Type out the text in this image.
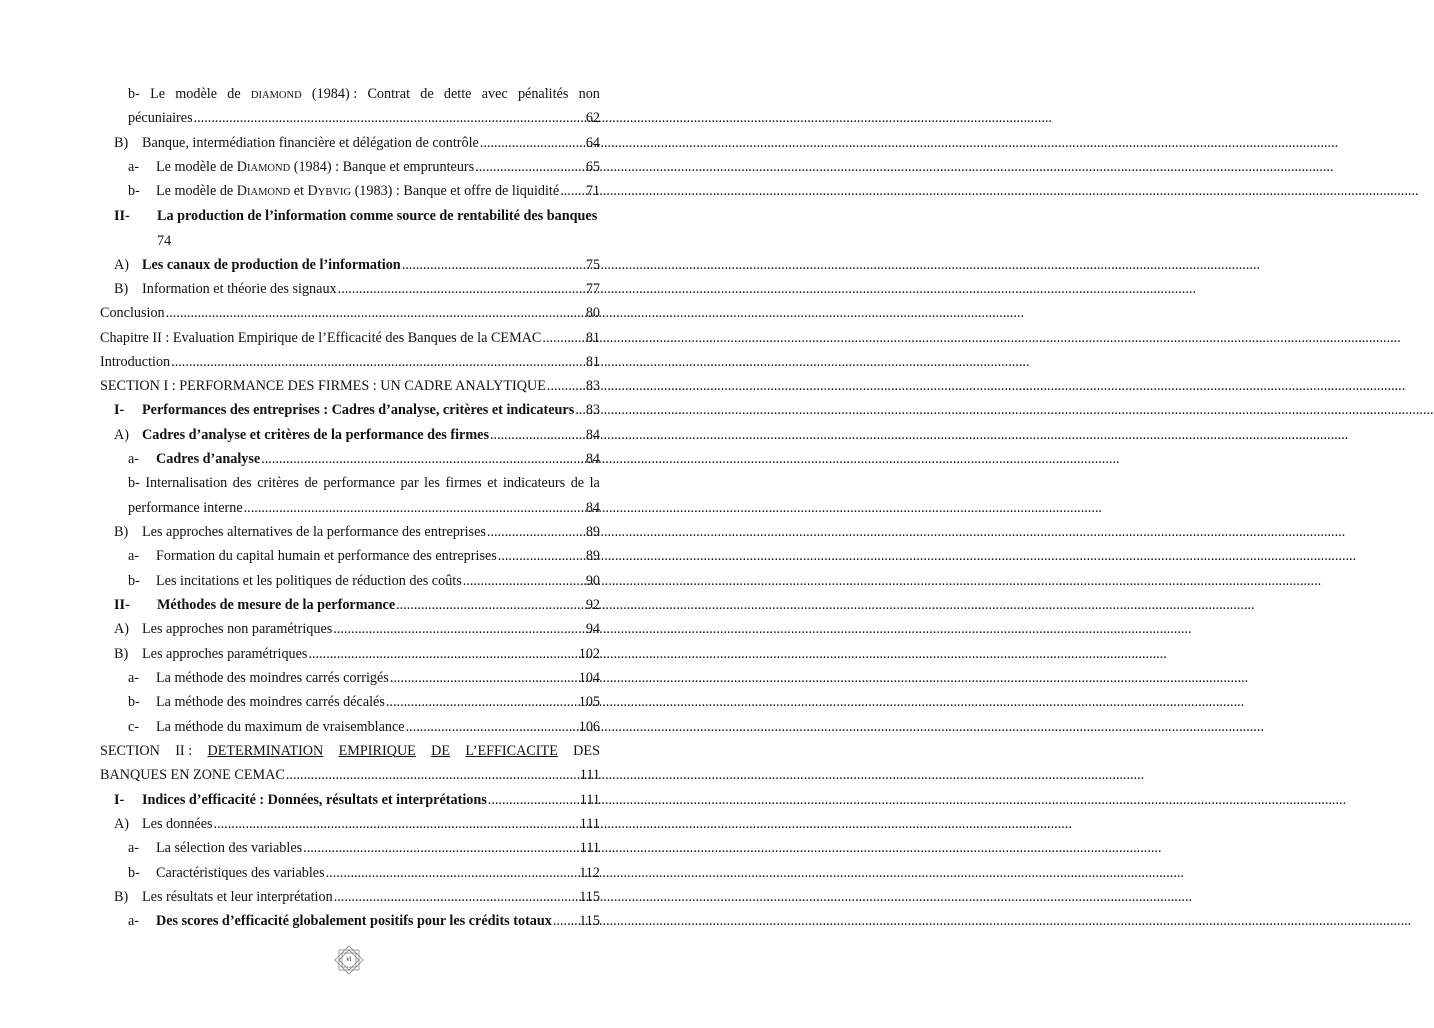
b- Le modèle de DIAMOND (1984) : Contrat de dette avec pénalités non
pécuniaires .....	62
B) Banque, intermédiation financière et délégation de contrôle .....	64
a-	Le modèle de DIAMOND (1984) : Banque et emprunteurs .....	65
b-	Le modèle de DIAMOND et DYBVIG (1983) : Banque et offre de liquidité ..... 71
II-	La production de l’information comme source de rentabilité des banques
74
A) Les canaux de production de l’information .....	75
B) Information et théorie des signaux .....	77
Conclusion .....	80
Chapitre II : Evaluation Empirique de l’Efficacité des Banques de la CEMAC .....	81
Introduction .....	81
SECTION I : PERFORMANCE DES FIRMES : UN CADRE ANALYTIQUE .....	83
I-	Performances des entreprises : Cadres d’analyse, critères et indicateurs ..... 83
A) Cadres d’analyse et critères de la performance des firmes .....	84
a-	Cadres d’analyse .....	84
b- Internalisation des critères de performance par les firmes et indicateurs de la
performance interne .....	84
B) Les approches alternatives de la performance des entreprises .....	89
a-	Formation du capital humain et performance des entreprises .....	89
b-	Les incitations et les politiques de réduction des coûts .....	90
II-	Méthodes de mesure de la performance .....	92
A) Les approches non paramétriques .....	94
B) Les approches paramétriques .....	102
a-	La méthode des moindres carrés corrigés .....	104
b-	La méthode des moindres carrés décalés .....	105
c-	La méthode du maximum de vraisemblance .....	106
SECTION II : DETERMINATION EMPIRIQUE DE L’EFFICACITE DES
BANQUES EN ZONE CEMAC .....	111
I-	Indices d’efficacité : Données, résultats et interprétations .....	111
A) Les données .....	111
a-	La sélection des variables .....	111
b-	Caractéristiques des variables .....	112
B) Les résultats et leur interprétation .....	115
a-	Des scores d’efficacité globalement positifs pour les crédits totaux ..... 115
vi
